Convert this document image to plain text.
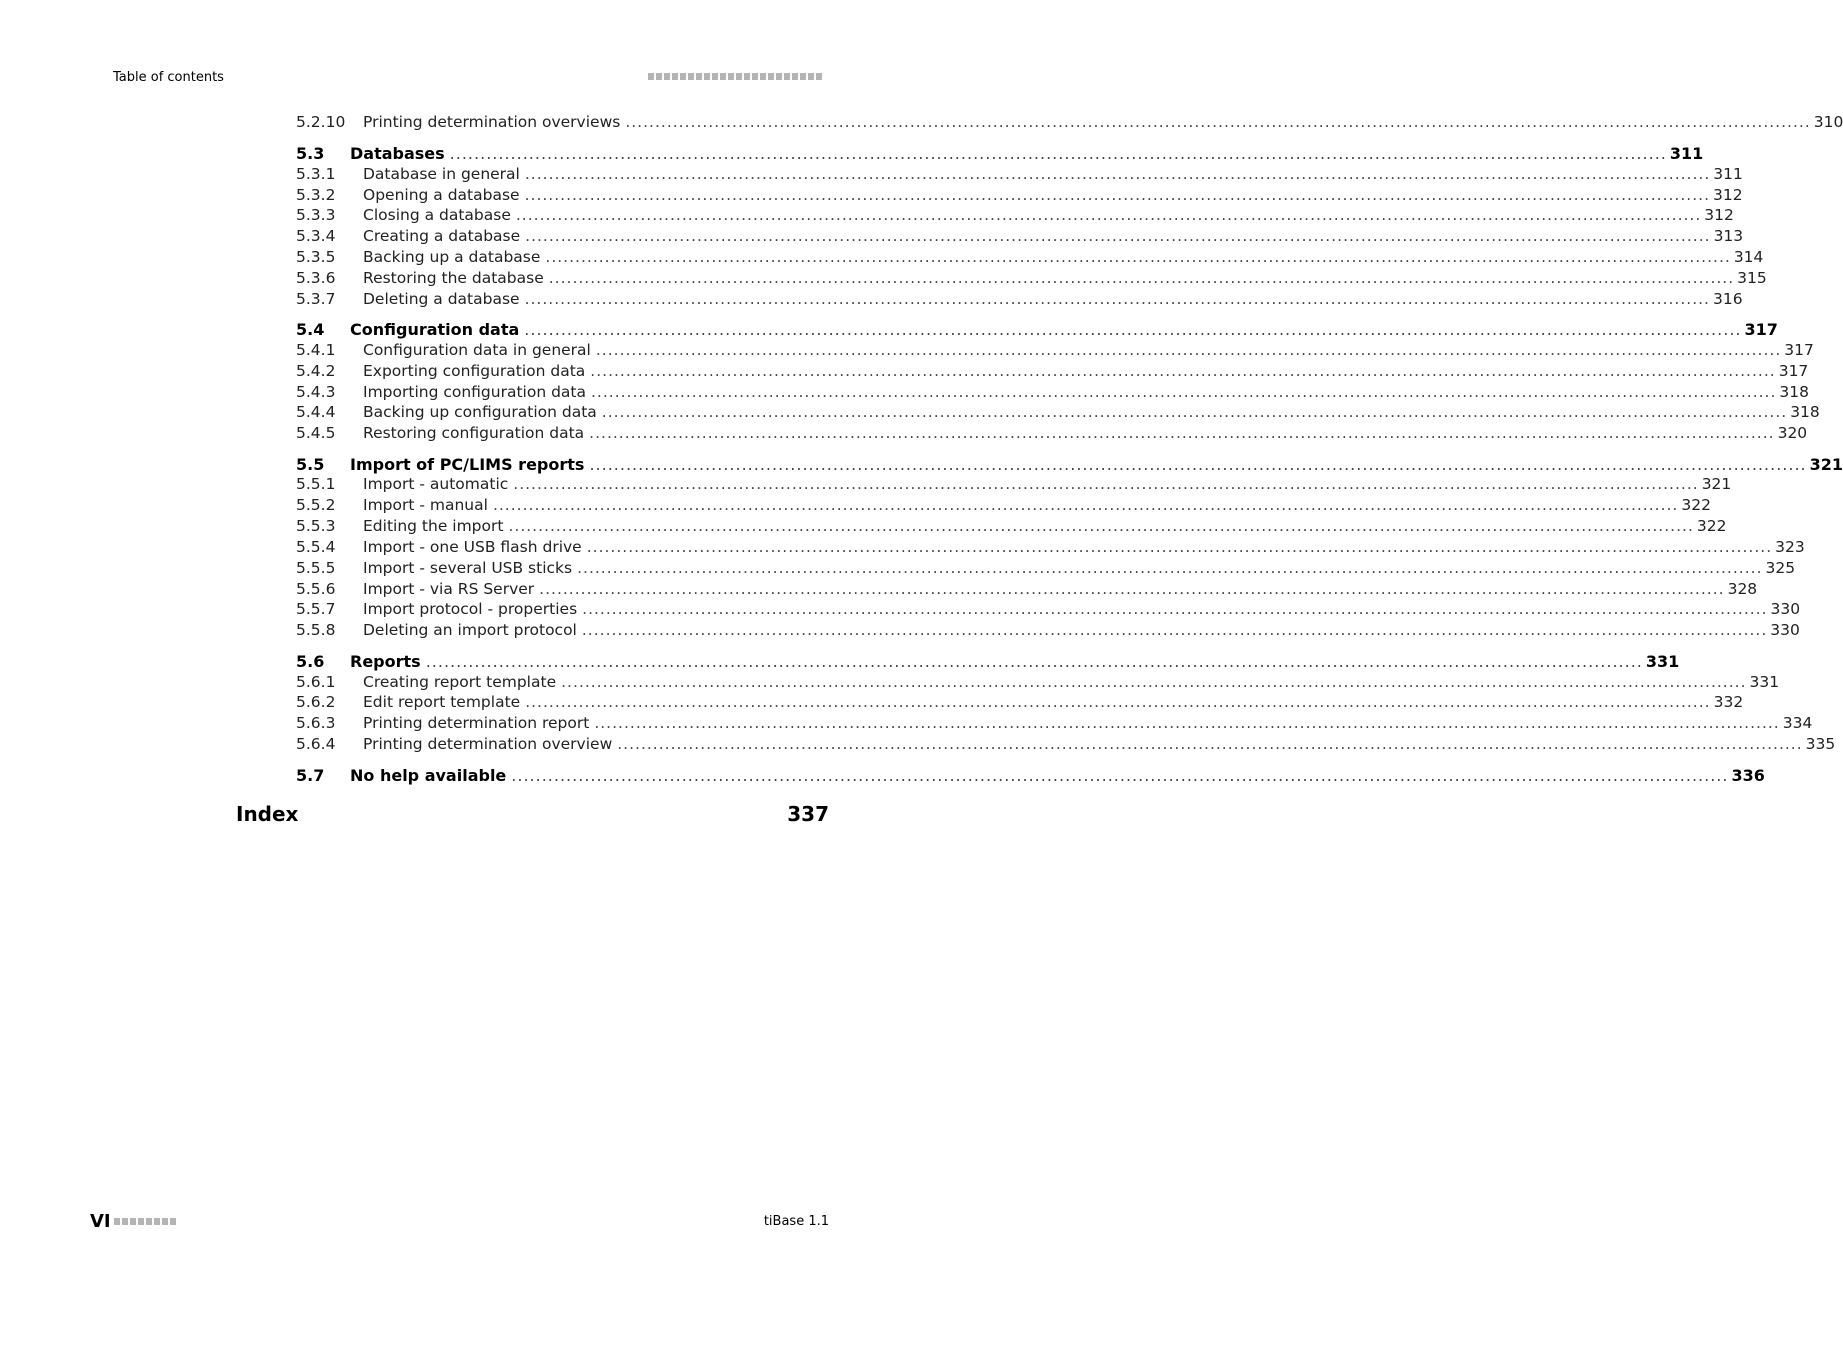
Table of contents
5.2.10	Printing determination overviews ........................................................................................................................................................................................................ 310
5.3	Databases ........................................................................................................................................................................................................ 311
5.3.1	Database in general ........................................................................................................................................................................................................ 311
5.3.2	Opening a database ........................................................................................................................................................................................................ 312
5.3.3	Closing a database ........................................................................................................................................................................................................ 312
5.3.4	Creating a database ........................................................................................................................................................................................................ 313
5.3.5	Backing up a database ........................................................................................................................................................................................................ 314
5.3.6	Restoring the database ........................................................................................................................................................................................................ 315
5.3.7	Deleting a database ........................................................................................................................................................................................................ 316
5.4	Configuration data ........................................................................................................................................................................................................ 317
5.4.1	Configuration data in general ........................................................................................................................................................................................................ 317
5.4.2	Exporting configuration data ........................................................................................................................................................................................................ 317
5.4.3	Importing configuration data ........................................................................................................................................................................................................ 318
5.4.4	Backing up configuration data ........................................................................................................................................................................................................ 318
5.4.5	Restoring configuration data ........................................................................................................................................................................................................ 320
5.5	Import of PC/LIMS reports ........................................................................................................................................................................................................ 321
5.5.1	Import - automatic ........................................................................................................................................................................................................ 321
5.5.2	Import - manual ........................................................................................................................................................................................................ 322
5.5.3	Editing the import ........................................................................................................................................................................................................ 322
5.5.4	Import - one USB flash drive ........................................................................................................................................................................................................ 323
5.5.5	Import - several USB sticks ........................................................................................................................................................................................................ 325
5.5.6	Import - via RS Server ........................................................................................................................................................................................................ 328
5.5.7	Import protocol - properties ........................................................................................................................................................................................................ 330
5.5.8	Deleting an import protocol ........................................................................................................................................................................................................ 330
5.6	Reports ........................................................................................................................................................................................................ 331
5.6.1	Creating report template ........................................................................................................................................................................................................ 331
5.6.2	Edit report template ........................................................................................................................................................................................................ 332
5.6.3	Printing determination report ........................................................................................................................................................................................................ 334
5.6.4	Printing determination overview ........................................................................................................................................................................................................ 335
5.7	No help available ........................................................................................................................................................................................................ 336
Index	337
VI	tiBase 1.1
